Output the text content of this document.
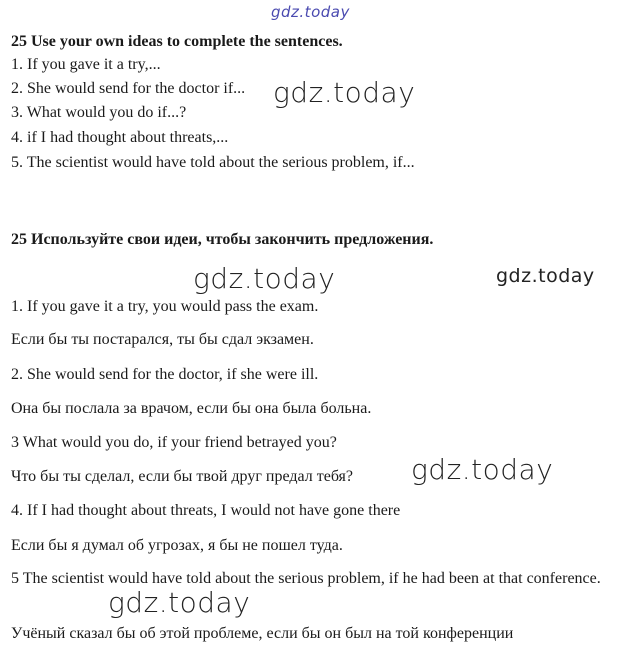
gdz.today
gdz.today
gdz.today	gdz.today
gdz.today
gdz.today
25 Use your own ideas to complete the sentences.
1. If you gave it a try,...
2. She would send for the doctor if...
3. What would you do if...?
4. if I had thought about threats,...
5. The scientist would have told about the serious problem, if...
25 Используйте свои идеи, чтобы закончить предложения.
1. If you gave it a try, you would pass the exam.
Если бы ты постарался, ты бы сдал экзамен.
2. She would send for the doctor, if she were ill.
Она бы послала за врачом, если бы она была больна.
3 What would you do, if your friend betrayed you?
Что бы ты сделал, если бы твой друг предал тебя?
4. If I had thought about threats, I would not have gone there
Если бы я думал об угрозах, я бы не пошел туда.
5 The scientist would have told about the serious problem, if he had been at that conference.
Учёный сказал бы об этой проблеме, если бы он был на той конференции
